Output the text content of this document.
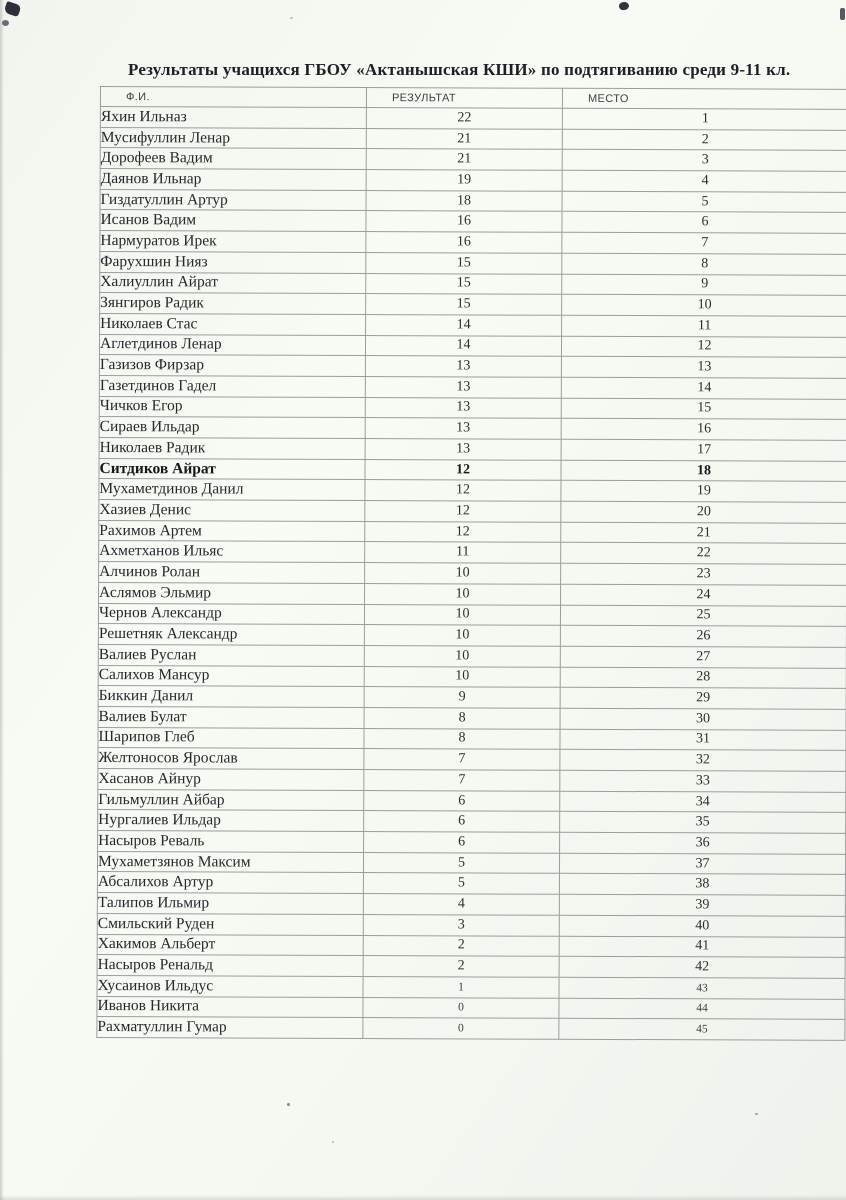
Результаты учащихся ГБОУ «Актанышская КШИ» по подтягиванию среди 9-11 кл.
Ф.И.	РЕЗУЛЬТАТ	МЕСТО
Яхин Ильназ	22	1
Мусифуллин Ленар	21	2
Дорофеев Вадим	21	3
Даянов Ильнар	19	4
Гиздатуллин Артур	18	5
Исанов Вадим	16	6
Нармуратов Ирек	16	7
Фарухшин Нияз	15	8
Халиуллин Айрат	15	9
Зянгиров Радик	15	10
Николаев Стас	14	11
Аглетдинов Ленар	14	12
Газизов Фирзар	13	13
Газетдинов Гадел	13	14
Чичков Егор	13	15
Сираев Ильдар	13	16
Николаев Радик	13	17
Ситдиков Айрат	12	18
Мухаметдинов Данил	12	19
Хазиев Денис	12	20
Рахимов Артем	12	21
Ахметханов Ильяс	11	22
Алчинов Ролан	10	23
Аслямов Эльмир	10	24
Чернов Александр	10	25
Решетняк Александр	10	26
Валиев Руслан	10	27
Салихов Мансур	10	28
Биккин Данил	9	29
Валиев Булат	8	30
Шарипов Глеб	8	31
Желтоносов Ярослав	7	32
Хасанов Айнур	7	33
Гильмуллин Айбар	6	34
Нургалиев Ильдар	6	35
Насыров Реваль	6	36
Мухаметзянов Максим	5	37
Абсалихов Артур	5	38
Талипов Ильмир	4	39
Смильский Руден	3	40
Хакимов Альберт	2	41
Насыров Ренальд	2	42
Хусаинов Ильдус	1	43
Иванов Никита	0	44
Рахматуллин Гумар	0	45
